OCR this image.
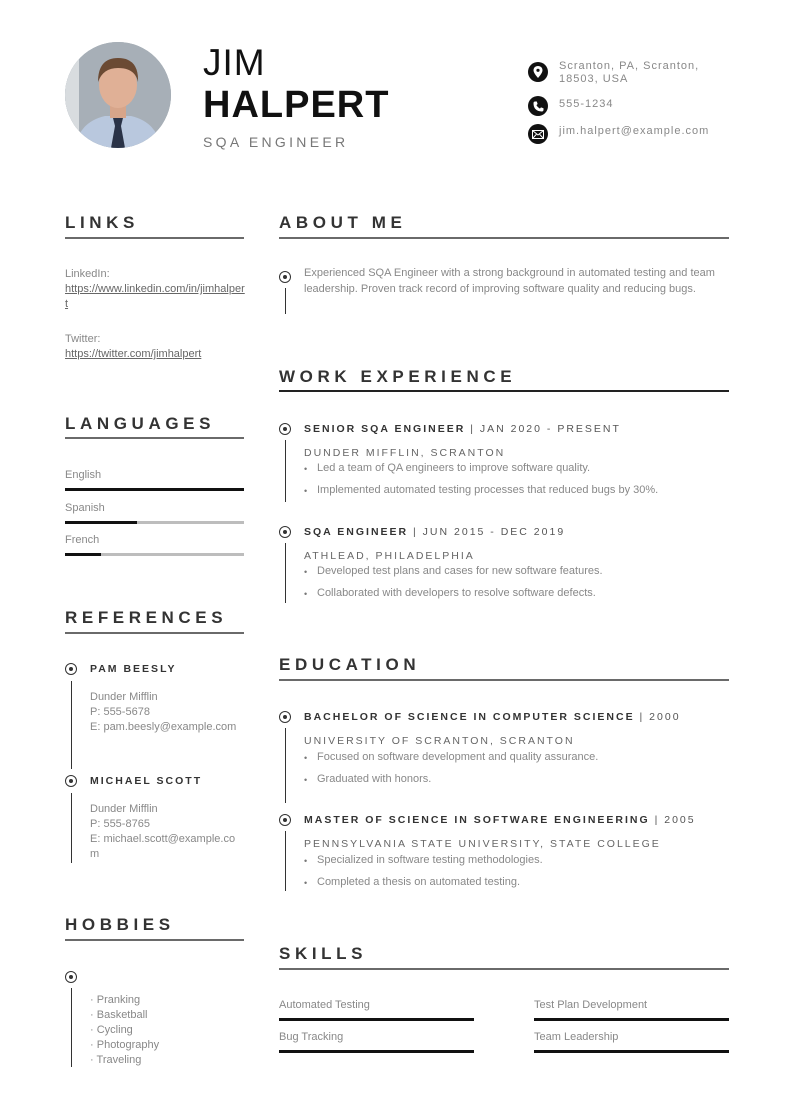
JIM
HALPERT
SQA ENGINEER
Scranton, PA, Scranton, 18503, USA
555-1234
jim.halpert@example.com
LINKS
LinkedIn:
https://www.linkedin.com/in/jimhalpert
Twitter:
https://twitter.com/jimhalpert
LANGUAGES
English
Spanish
French
REFERENCES
PAM BEESLY
Dunder Mifflin
P: 555-5678
E: pam.beesly@example.com
MICHAEL SCOTT
Dunder Mifflin
P: 555-8765
E: michael.scott@example.com
HOBBIES
· Pranking
· Basketball
· Cycling
· Photography
· Traveling
ABOUT ME
Experienced SQA Engineer with a strong background in automated testing and team leadership. Proven track record of improving software quality and reducing bugs.
WORK EXPERIENCE
SENIOR SQA ENGINEER | JAN 2020 - PRESENT
DUNDER MIFFLIN, SCRANTON
• Led a team of QA engineers to improve software quality.
• Implemented automated testing processes that reduced bugs by 30%.
SQA ENGINEER | JUN 2015 - DEC 2019
ATHLEAD, PHILADELPHIA
• Developed test plans and cases for new software features.
• Collaborated with developers to resolve software defects.
EDUCATION
BACHELOR OF SCIENCE IN COMPUTER SCIENCE | 2000
UNIVERSITY OF SCRANTON, SCRANTON
• Focused on software development and quality assurance.
• Graduated with honors.
MASTER OF SCIENCE IN SOFTWARE ENGINEERING | 2005
PENNSYLVANIA STATE UNIVERSITY, STATE COLLEGE
• Specialized in software testing methodologies.
• Completed a thesis on automated testing.
SKILLS
Automated Testing	Test Plan Development
Bug Tracking	Team Leadership
